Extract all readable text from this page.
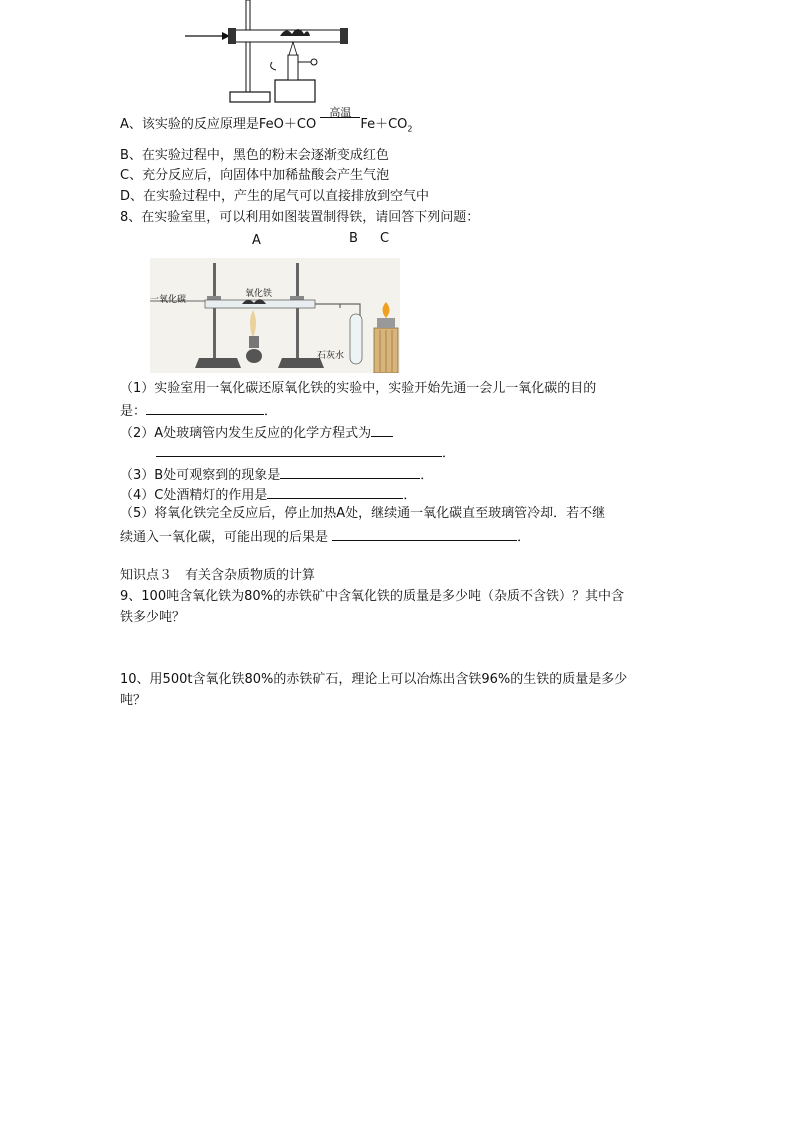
A、该实验的反应原理是FeO＋CO
高温
$Fe+CO_2$
B、在实验过程中，黑色的粉末会逐渐变成红色
C、充分反应后，向固体中加稀盐酸会产生气泡
D、在实验过程中，产生的尾气可以直接排放到空气中
8、在实验室里，可以利用如图装置制得铁，请回答下列问题：
A	B C
一氧化碳
氧化铁
石灰水
（1）实验室用一氧化碳还原氧化铁的实验中，实验开始先通一会儿一氧化碳的目的
是：	．
（2）A处玻璃管内发生反应的化学方程式为
．
（3）B处可观察到的现象是	．
（4）C处酒精灯的作用是	．
（5）将氧化铁完全反应后，停止加热A处，继续通一氧化碳直至玻璃管冷却．若不继
续通入一氧化碳，可能出现的后果是	．
知识点３　有关含杂质物质的计算
9、100吨含氧化铁为80%的赤铁矿中含氧化铁的质量是多少吨（杂质不含铁）？其中含
铁多少吨？
10、用500t含氧化铁80%的赤铁矿石，理论上可以冶炼出含铁96%的生铁的质量是多少
吨？
